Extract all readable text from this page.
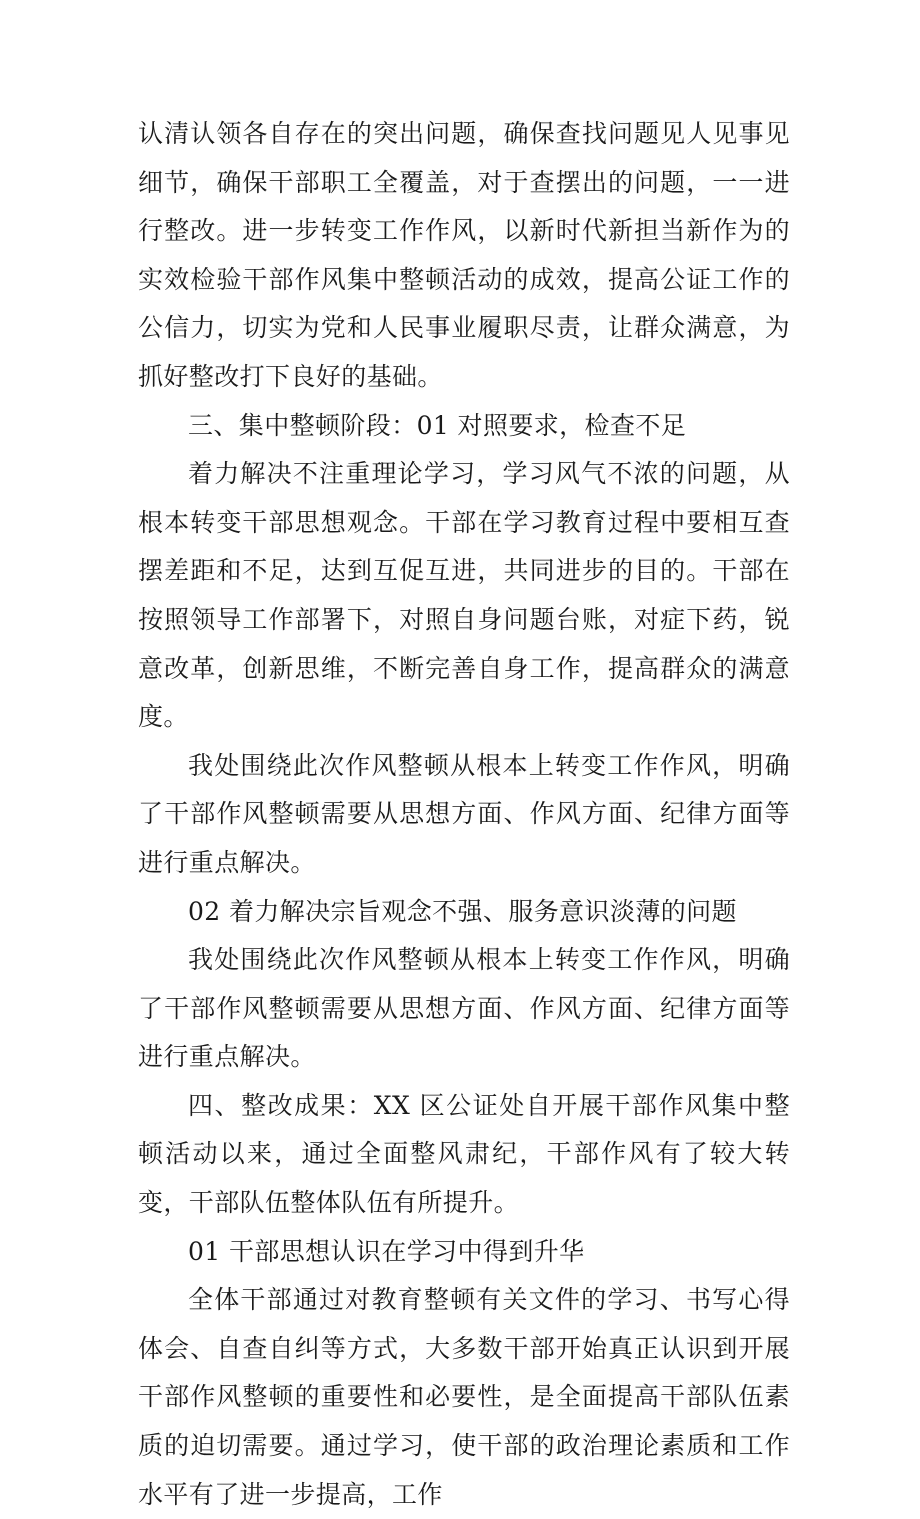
认清认领各自存在的突出问题，确保查找问题见人见事见细节，确保干部职工全覆盖，对于查摆出的问题，一一进行整改。进一步转变工作作风，以新时代新担当新作为的实效检验干部作风集中整顿活动的成效，提高公证工作的公信力，切实为党和人民事业履职尽责，让群众满意，为抓好整改打下良好的基础。

三、集中整顿阶段：01 对照要求，检查不足

着力解决不注重理论学习，学习风气不浓的问题，从根本转变干部思想观念。干部在学习教育过程中要相互查摆差距和不足，达到互促互进，共同进步的目的。干部在按照领导工作部署下，对照自身问题台账，对症下药，锐意改革，创新思维，不断完善自身工作，提高群众的满意度。

我处围绕此次作风整顿从根本上转变工作作风，明确了干部作风整顿需要从思想方面、作风方面、纪律方面等进行重点解决。

02 着力解决宗旨观念不强、服务意识淡薄的问题

我处围绕此次作风整顿从根本上转变工作作风，明确了干部作风整顿需要从思想方面、作风方面、纪律方面等进行重点解决。

四、整改成果：XX 区公证处自开展干部作风集中整顿活动以来，通过全面整风肃纪，干部作风有了较大转变，干部队伍整体队伍有所提升。

01 干部思想认识在学习中得到升华

全体干部通过对教育整顿有关文件的学习、书写心得体会、自查自纠等方式，大多数干部开始真正认识到开展干部作风整顿的重要性和必要性，是全面提高干部队伍素质的迫切需要。通过学习，使干部的政治理论素质和工作水平有了进一步提高，工作
